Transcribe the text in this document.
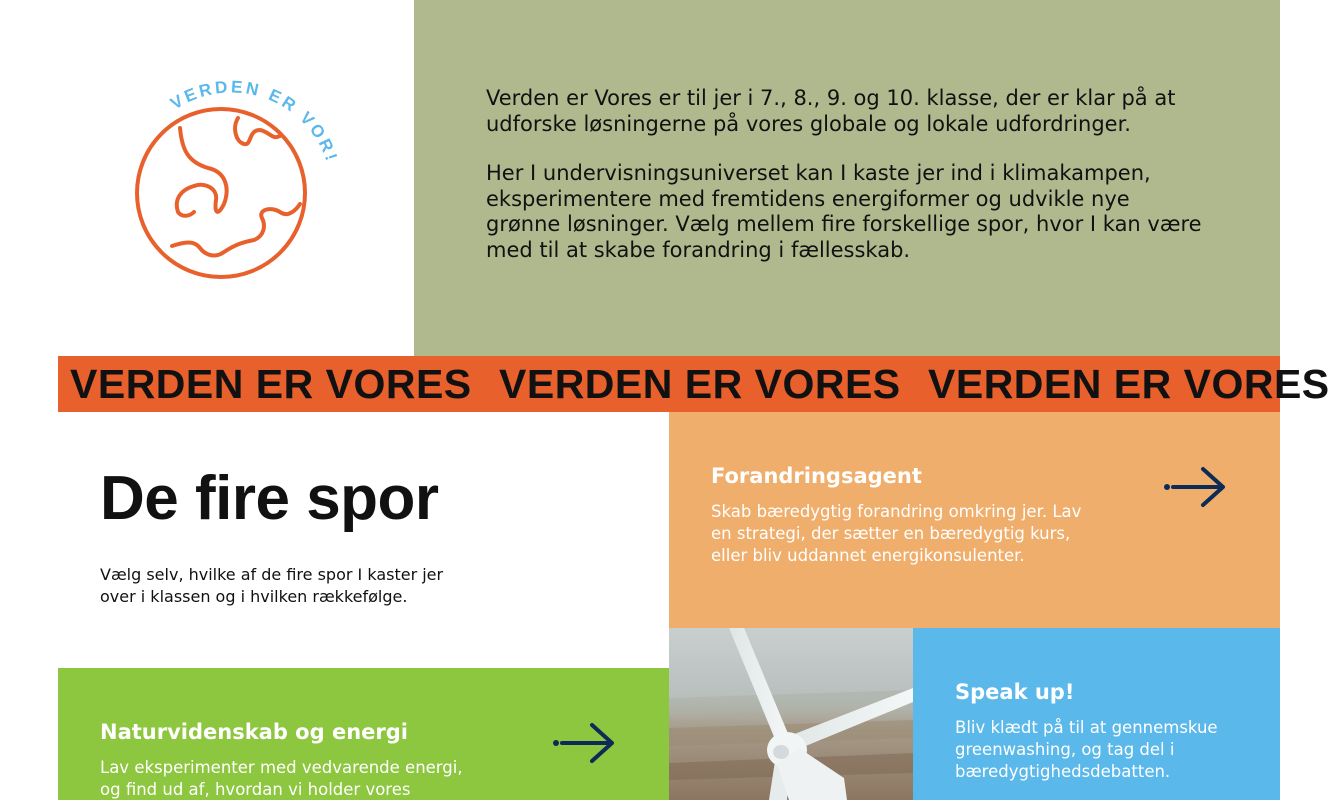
VERDEN ER VOR!

Verden er Vores er til jer i 7., 8., 9. og 10. klasse, der er klar på at udforske løsningerne på vores globale og lokale udfordringer.

Her I undervisningsuniverset kan I kaste jer ind i klimakampen, eksperimentere med fremtidens energiformer og udvikle nye grønne løsninger. Vælg mellem fire forskellige spor, hvor I kan være med til at skabe forandring i fællesskab.

VERDEN ER VORES VERDEN ER VORES VERDEN ER VORES
De fire spor

Vælg selv, hvilke af de fire spor I kaster jer over i klassen og i hvilken rækkefølge.

Forandringsagent

Skab bæredygtig forandring omkring jer. Lav en strategi, der sætter en bæredygtig kurs, eller bliv uddannet energikonsulenter.

Naturvidenskab og energi

Lav eksperimenter med vedvarende energi, og find ud af, hvordan vi holder vores

Speak up!

Bliv klædt på til at gennemskue greenwashing, og tag del i bæredygtighedsdebatten.
